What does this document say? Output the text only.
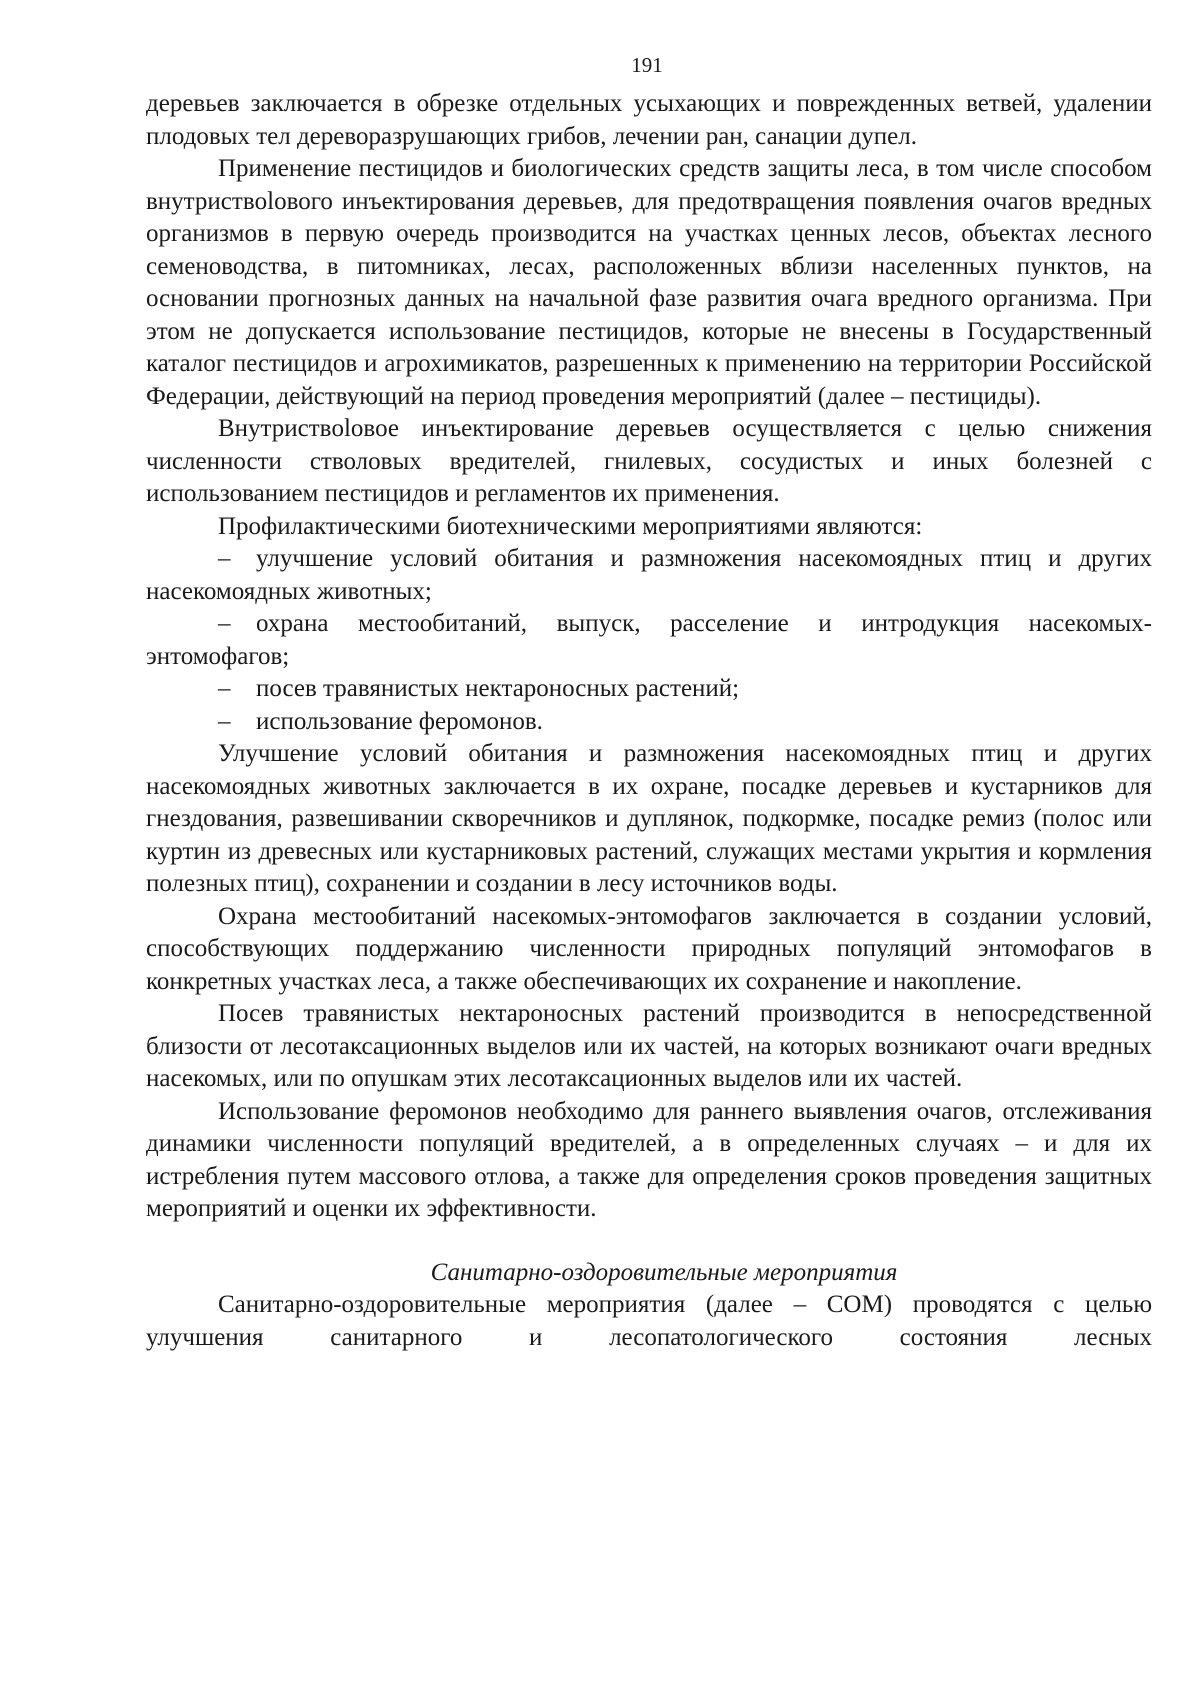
191

деревьев заключается в обрезке отдельных усыхающих и поврежденных ветвей, удалении плодовых тел дереворазрушающих грибов, лечении ран, санации дупел.

Применение пестицидов и биологических средств защиты леса, в том числе способом внутриствolового инъектирования деревьев, для предотвращения появления очагов вредных организмов в первую очередь производится на участках ценных лесов, объектах лесного семеноводства, в питомниках, лесах, расположенных вблизи населенных пунктов, на основании прогнозных данных на начальной фазе развития очага вредного организма. При этом не допускается использование пестицидов, которые не внесены в Государственный каталог пестицидов и агрохимикатов, разрешенных к применению на территории Российской Федерации, действующий на период проведения мероприятий (далее – пестициды).

Внутриствolовое инъектирование деревьев осуществляется с целью снижения численности стволовых вредителей, гнилевых, сосудистых и иных болезней с использованием пестицидов и регламентов их применения.

Профилактическими биотехническими мероприятиями являются:

– улучшение условий обитания и размножения насекомоядных птиц и других насекомоядных животных;

– охрана местообитаний, выпуск, расселение и интродукция насекомых-энтомофагов;

– посев травянистых нектароносных растений;

– использование феромонов.

Улучшение условий обитания и размножения насекомоядных птиц и других насекомоядных животных заключается в их охране, посадке деревьев и кустарников для гнездования, развешивании скворечников и дуплянок, подкормке, посадке ремиз (полос или куртин из древесных или кустарниковых растений, служащих местами укрытия и кормления полезных птиц), сохранении и создании в лесу источников воды.

Охрана местообитаний насекомых-энтомофагов заключается в создании условий, способствующих поддержанию численности природных популяций энтомофагов в конкретных участках леса, а также обеспечивающих их сохранение и накопление.

Посев травянистых нектароносных растений производится в непосредственной близости от лесотаксационных выделов или их частей, на которых возникают очаги вредных насекомых, или по опушкам этих лесотаксационных выделов или их частей.

Использование феромонов необходимо для раннего выявления очагов, отслеживания динамики численности популяций вредителей, а в определенных случаях – и для их истребления путем массового отлова, а также для определения сроков проведения защитных мероприятий и оценки их эффективности.

Санитарно-оздоровительные мероприятия

Санитарно-оздоровительные мероприятия (далее – СОМ) проводятся с целью улучшения санитарного и лесопатологического состояния лесных
